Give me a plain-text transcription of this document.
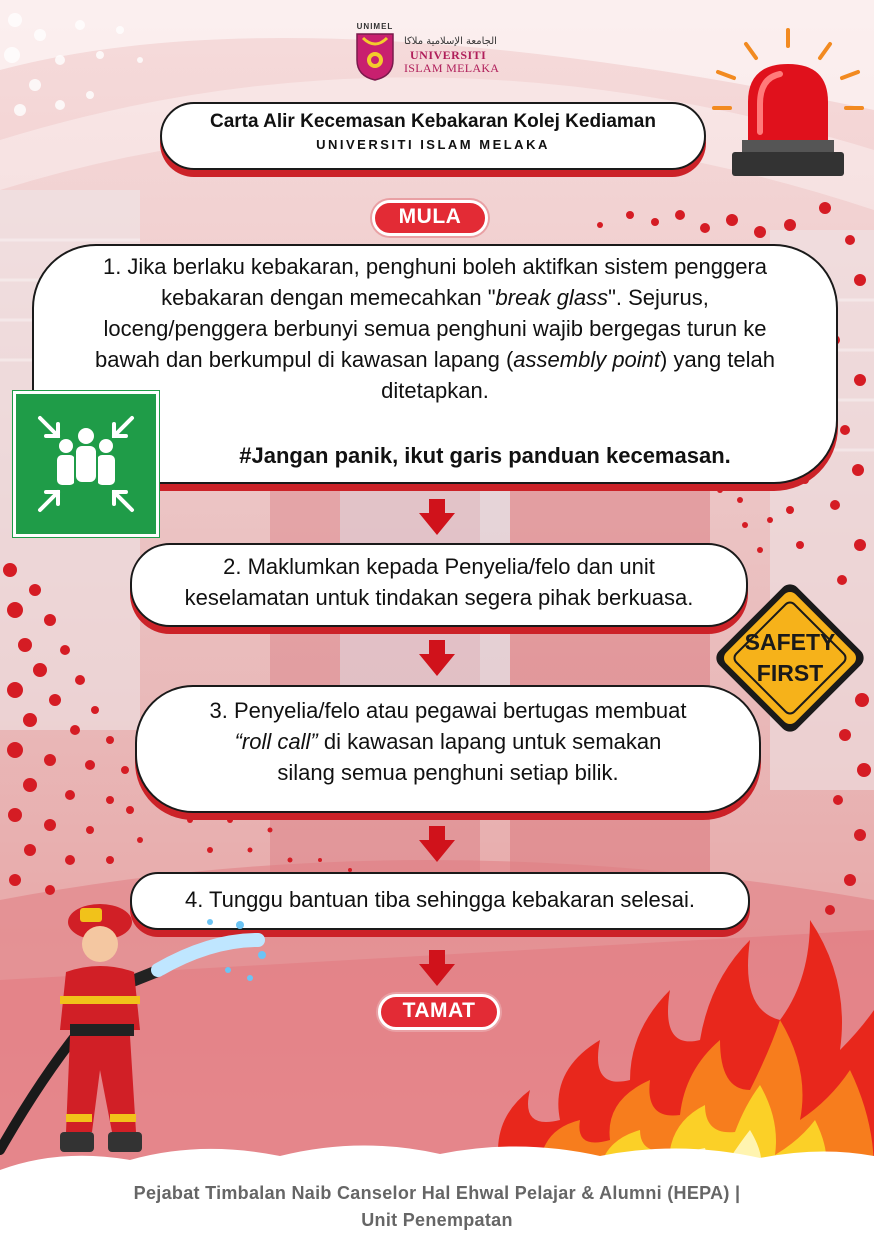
UNIMEL
الجامعة الإسلامية ملاكا
UNIVERSITI
ISLAM MELAKA
Carta Alir Kecemasan Kebakaran Kolej Kediaman
UNIVERSITI ISLAM MELAKA
MULA
1. Jika berlaku kebakaran, penghuni boleh aktifkan sistem penggera
kebakaran dengan memecahkan "break glass". Sejurus,
loceng/penggera berbunyi semua penghuni wajib bergegas turun ke
bawah dan berkumpul di kawasan lapang (assembly point) yang telah
ditetapkan.
#Jangan panik, ikut garis panduan kecemasan.
2. Maklumkan kepada Penyelia/felo dan unit
keselamatan untuk tindakan segera pihak berkuasa.
SAFETY
FIRST
3. Penyelia/felo atau pegawai bertugas membuat
“roll call” di kawasan lapang untuk semakan
silang semua penghuni setiap bilik.
4. Tunggu bantuan tiba sehingga kebakaran selesai.
TAMAT
Pejabat Timbalan Naib Canselor Hal Ehwal Pelajar & Alumni (HEPA) |
Unit Penempatan
